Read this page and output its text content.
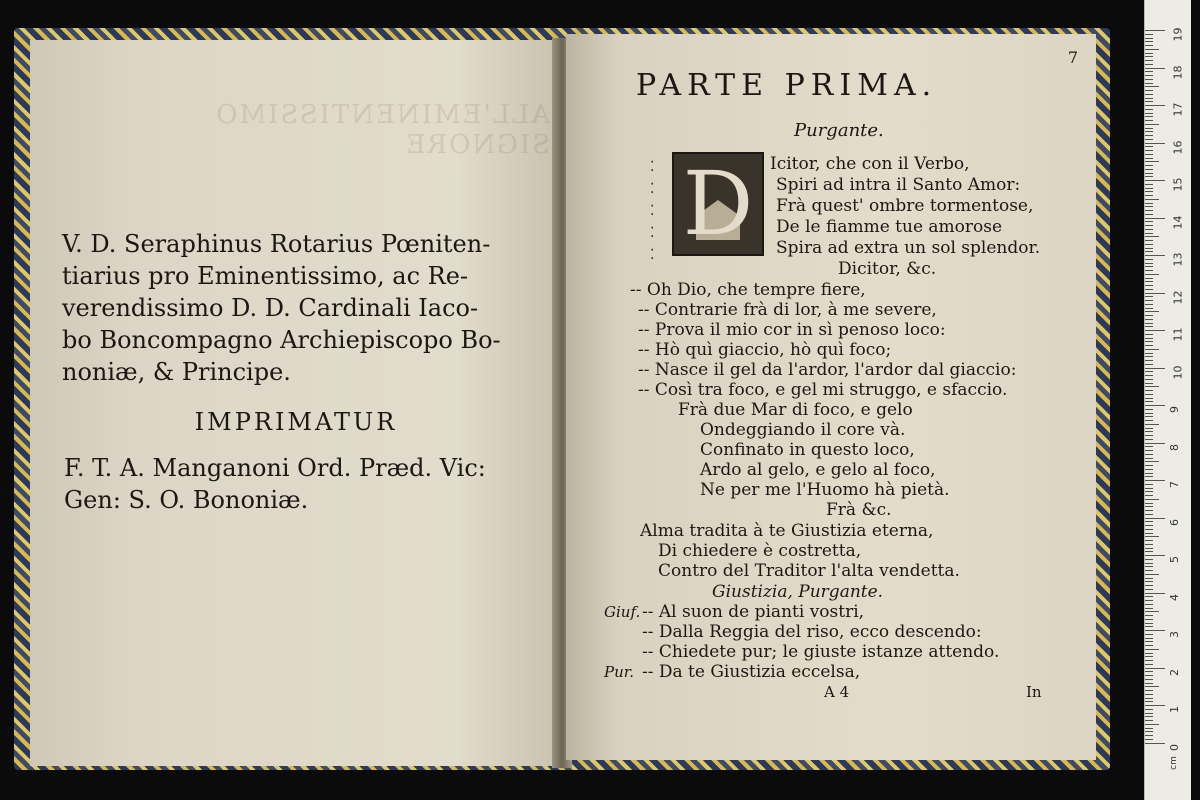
ALL'EMINENTISSIMO
SIGNORE

V. D. Seraphinus Rotarius Pœniten-

tiarius pro Eminentissimo, ac Re-

verendissimo D. D. Cardinali Iaco-

bo Boncompagno Archiepiscopo Bo-

noniæ, & Principe.

IMPRIMATUR

F. T. A. Manganoni Ord. Præd. Vic:

Gen: S. O. Bononiæ.

7
PARTE PRIMA.
Purgante.
⁚
⁚
⁚
⁚
⁚ D Icitor, che con il Verbo,
Spiri ad intra il Santo Amor:
Frà quest' ombre tormentose,
De le fiamme tue amorose
Spira ad extra un sol splendor.
Dicitor, &c.
-- Oh Dio, che tempre fiere,
-- Contrarie frà di lor, à me severe,
-- Prova il mio cor in sì penoso loco:
-- Hò quì giaccio, hò quì foco;
-- Nasce il gel da l'ardor, l'ardor dal giaccio:
-- Così tra foco, e gel mi struggo, e sfaccio.
Frà due Mar di foco, e gelo
Ondeggiando il core và.
Confinato in questo loco,
Ardo al gelo, e gelo al foco,
Ne per me l'Huomo hà pietà.
Frà &c.
Alma tradita à te Giustizia eterna,
Di chiedere è costretta,
Contro del Traditor l'alta vendetta.
Giustizia, Purgante.
Giuf. -- Al suon de pianti vostri,
-- Dalla Reggia del riso, ecco descendo:
-- Chiedete pur; le giuste istanze attendo.
Pur. -- Da te Giustizia eccelsa,
A 4	In
cm
19
18
17
16
15
14
13
12
11
10
9
8
7
6
5
4
3
2
1
0
